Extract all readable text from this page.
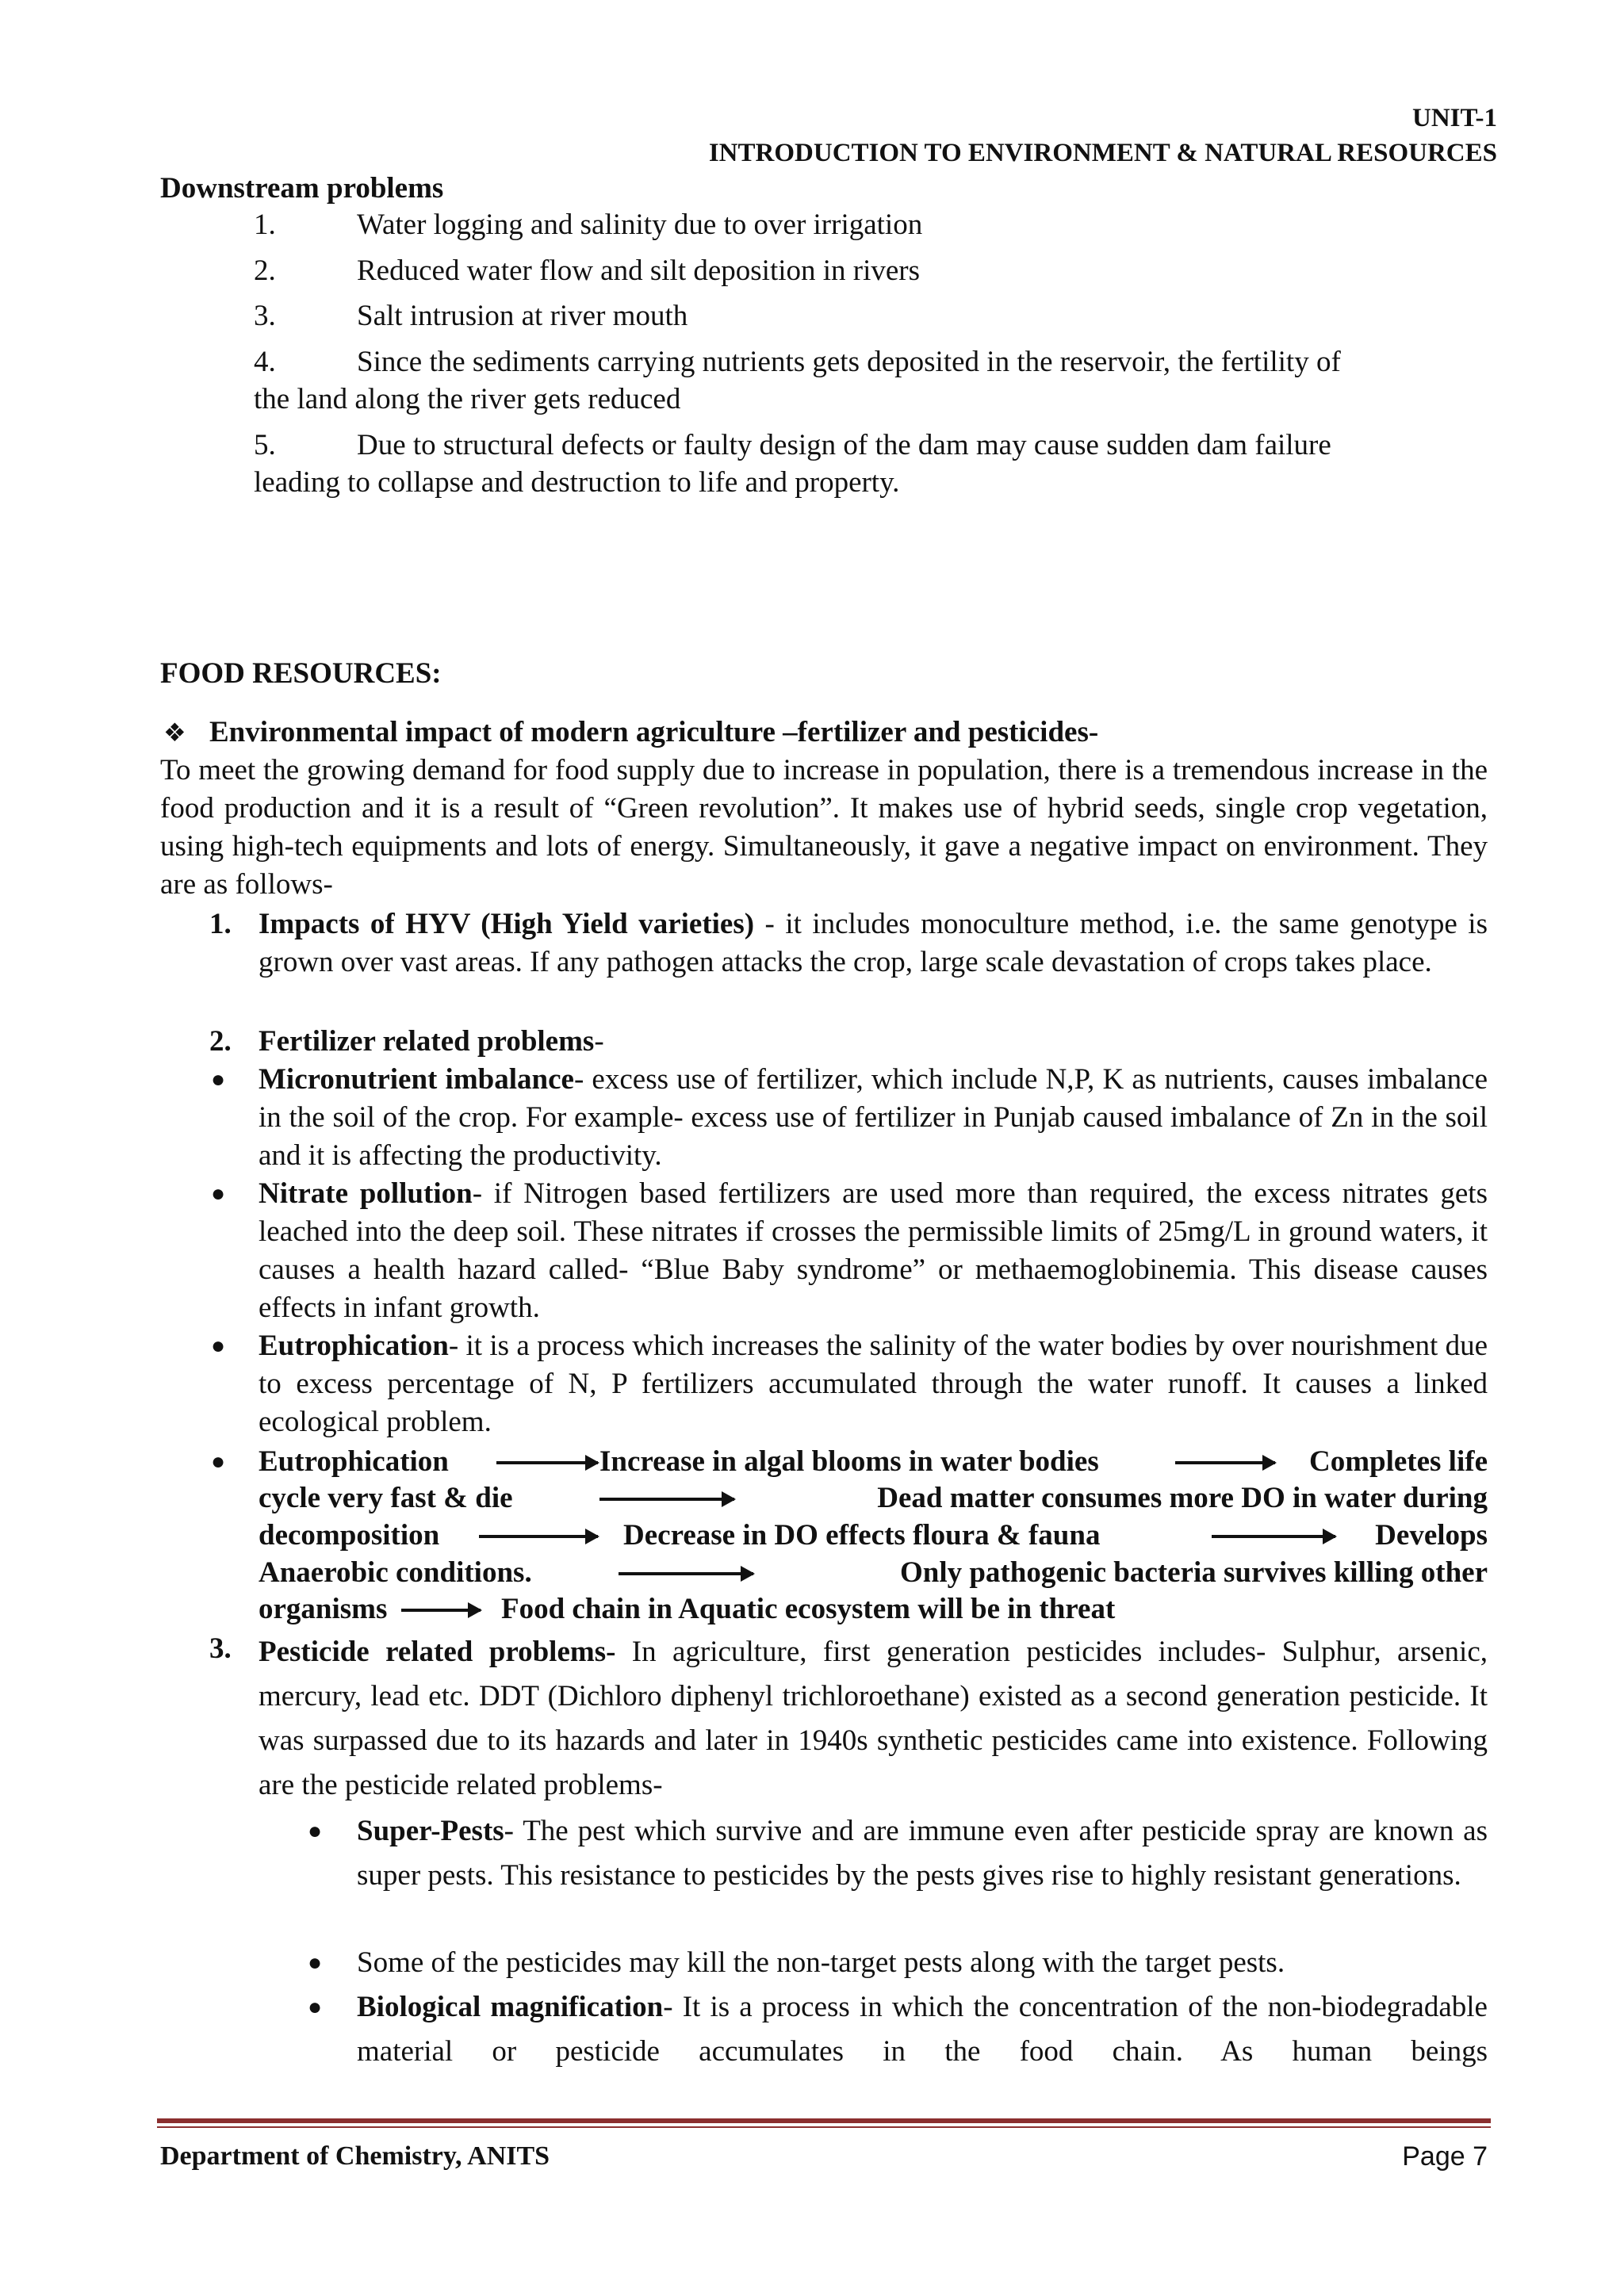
UNIT-1
INTRODUCTION TO ENVIRONMENT & NATURAL RESOURCES
Downstream problems
1.	Water logging and salinity due to over irrigation
2.	Reduced water flow and silt deposition in rivers
3.	Salt intrusion at river mouth
4.	Since the sediments carrying nutrients gets deposited in the reservoir, the fertility of
the land along the river gets reduced
5.	Due to structural defects or faulty design of the dam may cause sudden dam failure
leading to collapse and destruction to life and property.
FOOD RESOURCES:
❖ Environmental impact of modern agriculture –fertilizer and pesticides-
To meet the growing demand for food supply due to increase in population, there is a tremendous increase in the food production and it is a result of “Green revolution”. It makes use of hybrid seeds, single crop vegetation, using high-tech equipments and lots of energy. Simultaneously, it gave a negative impact on environment. They are as follows-
1. Impacts of HYV (High Yield varieties) - it includes monoculture method, i.e. the same genotype is grown over vast areas. If any pathogen attacks the crop, large scale devastation of crops takes place.
2. Fertilizer related problems-
● Micronutrient imbalance- excess use of fertilizer, which include N,P, K as nutrients, causes imbalance in the soil of the crop. For example- excess use of fertilizer in Punjab caused imbalance of Zn in the soil and it is affecting the productivity.
● Nitrate pollution- if Nitrogen based fertilizers are used more than required, the excess nitrates gets leached into the deep soil. These nitrates if crosses the permissible limits of 25mg/L in ground waters, it causes a health hazard called- “Blue Baby syndrome” or methaemoglobinemia. This disease causes effects in infant growth.
● Eutrophication- it is a process which increases the salinity of the water bodies by over nourishment due to excess percentage of N, P fertilizers accumulated through the water runoff. It causes a linked ecological problem.
● Eutrophication	Increase in algal blooms in water bodies	Completes life
cycle very fast & die	Dead matter consumes more DO in water during
decomposition	Decrease in DO effects floura & fauna	Develops
Anaerobic conditions.	Only pathogenic bacteria survives killing other
organisms	Food chain in Aquatic ecosystem will be in threat
3. Pesticide related problems- In agriculture, first generation pesticides includes- Sulphur, arsenic, mercury, lead etc. DDT (Dichloro diphenyl trichloroethane) existed as a second generation pesticide. It was surpassed due to its hazards and later in 1940s synthetic pesticides came into existence. Following are the pesticide related problems-
● Super-Pests- The pest which survive and are immune even after pesticide spray are known as super pests. This resistance to pesticides by the pests gives rise to highly resistant generations.
● Some of the pesticides may kill the non-target pests along with the target pests.
● Biological magnification- It is a process in which the concentration of the non-biodegradable material or pesticide accumulates in the food chain. As human beings
Department of Chemistry, ANITS	Page 7
